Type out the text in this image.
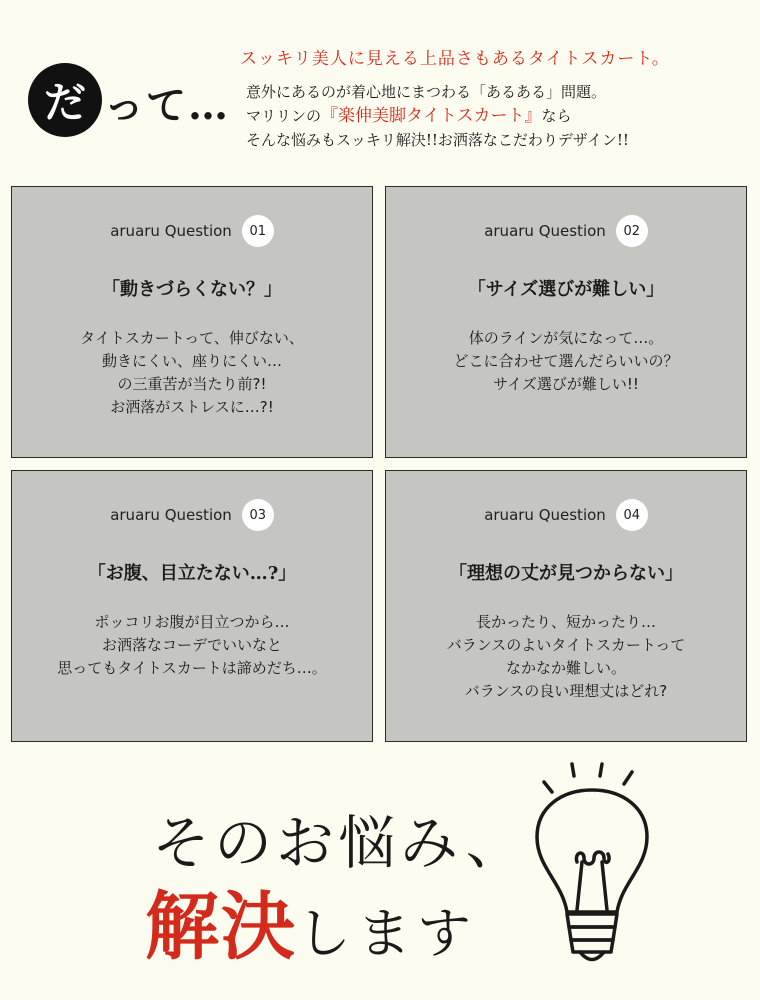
だ って…
スッキリ美人に見える上品さもあるタイトスカート。
意外にあるのが着心地にまつわる「あるある」問題。
マリリンの『楽伸美脚タイトスカート』なら
そんな悩みもスッキリ解決!!お洒落なこだわりデザイン!!
aruaru Question	01
「動きづらくない？」
タイトスカートって、伸びない、
動きにくい、座りにくい…
の三重苦が当たり前?!
お洒落がストレスに…?!
aruaru Question	02
「サイズ選びが難しい」
体のラインが気になって…。
どこに合わせて選んだらいいの？
サイズ選びが難しい!!
aruaru Question	03
「お腹、目立たない…?」
ポッコリお腹が目立つから…
お洒落なコーデでいいなと
思ってもタイトスカートは諦めだち…。
aruaru Question	04
「理想の丈が見つからない」
長かったり、短かったり…
バランスのよいタイトスカートって
なかなか難しい。
バランスの良い理想丈はどれ?
そのお悩み、
解決します
